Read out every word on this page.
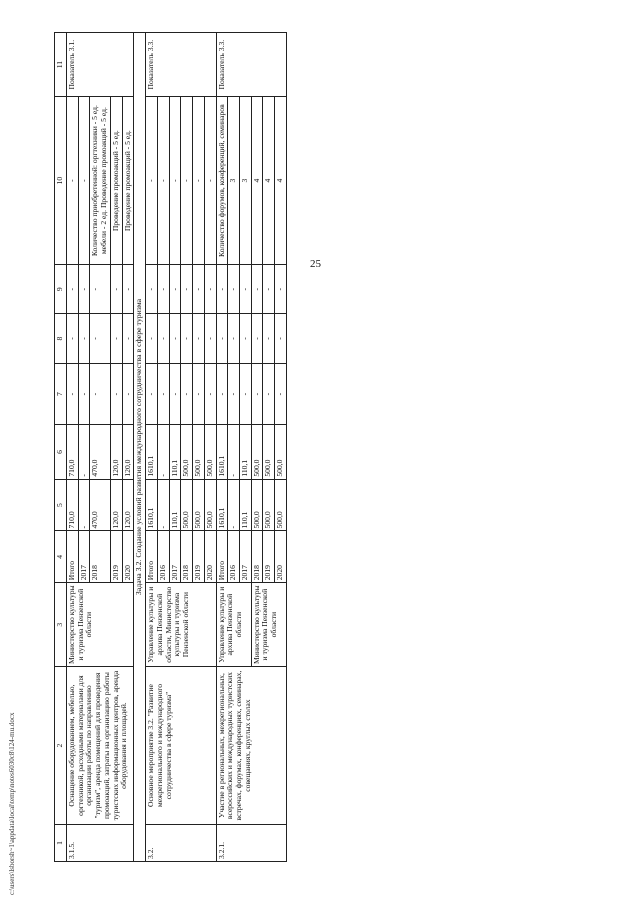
25
c:\users\lsborsh~1\appdata\local\temp\notes6030c8\124-mu.docx	1	2	3	4	5	6	7	8	9	10	11
3.1.5.	Оснащение оборудованием, мебелью, оргтехникой, расходными материалами для организации работы по направлению "туризм", аренда помещений для проведения промоакций, затраты на организацию работы туристских информационных центров, аренда оборудования и площадей.	Министерство культуры и туризма Пензенской области	Итого	710,0	710,0	-	-	-	-	Показатель 3.1.
			2017	-	-	-	-	-	-	
			2018	470,0	470,0	-	-	-	Количество приобретенной: оргтехники - 5 ед. мебели - 2 ед. Проведение промоакций - 5 ед.	
			2019	120,0	120,0	-	-	-	Проведение промоакций - 5 ед.	
			2020	120,0	120,0	-	-	-	Проведение промоакций - 5 ед.	
Задача 3.2. Создание условий развития международного сотрудничества в сфере туризма										
3.2.	Основное мероприятие 3.2. "Развитие межрегионального и международного сотрудничества в сфере туризма"	Управление культуры и архива Пензенской области, Министерство культуры и туризма Пензенской области	Итого	1610,1	1610,1	-	-	-	-	Показатель 3.3.
			2016	-	-	-	-	-	-	
			2017	110,1	110,1	-	-	-	-	
			2018	500,0	500,0	-	-	-	-	
			2019	500,0	500,0	-	-	-	-	
			2020	500,0	500,0	-	-	-	-	
3.2.1.	Участие в региональных, межрегиональных, всероссийских и международных туристских встречах, форумах, конференциях, семинарах, совещаниях, круглых столах	Управление культуры и архива Пензенской области	Итого	1610,1	1610,1	-	-	-	Количество форумов, конференций, семинаров	Показатель 3.3.
			2016	-	-	-	-	-	3	
			2017	110,1	110,1	-	-	-	3	
		Министерство культуры и туризма Пензенской области	2018	500,0	500,0	-	-	-	4	
			2019	500,0	500,0	-	-	-	4	
			2020	500,0	500,0	-	-	-	4	
